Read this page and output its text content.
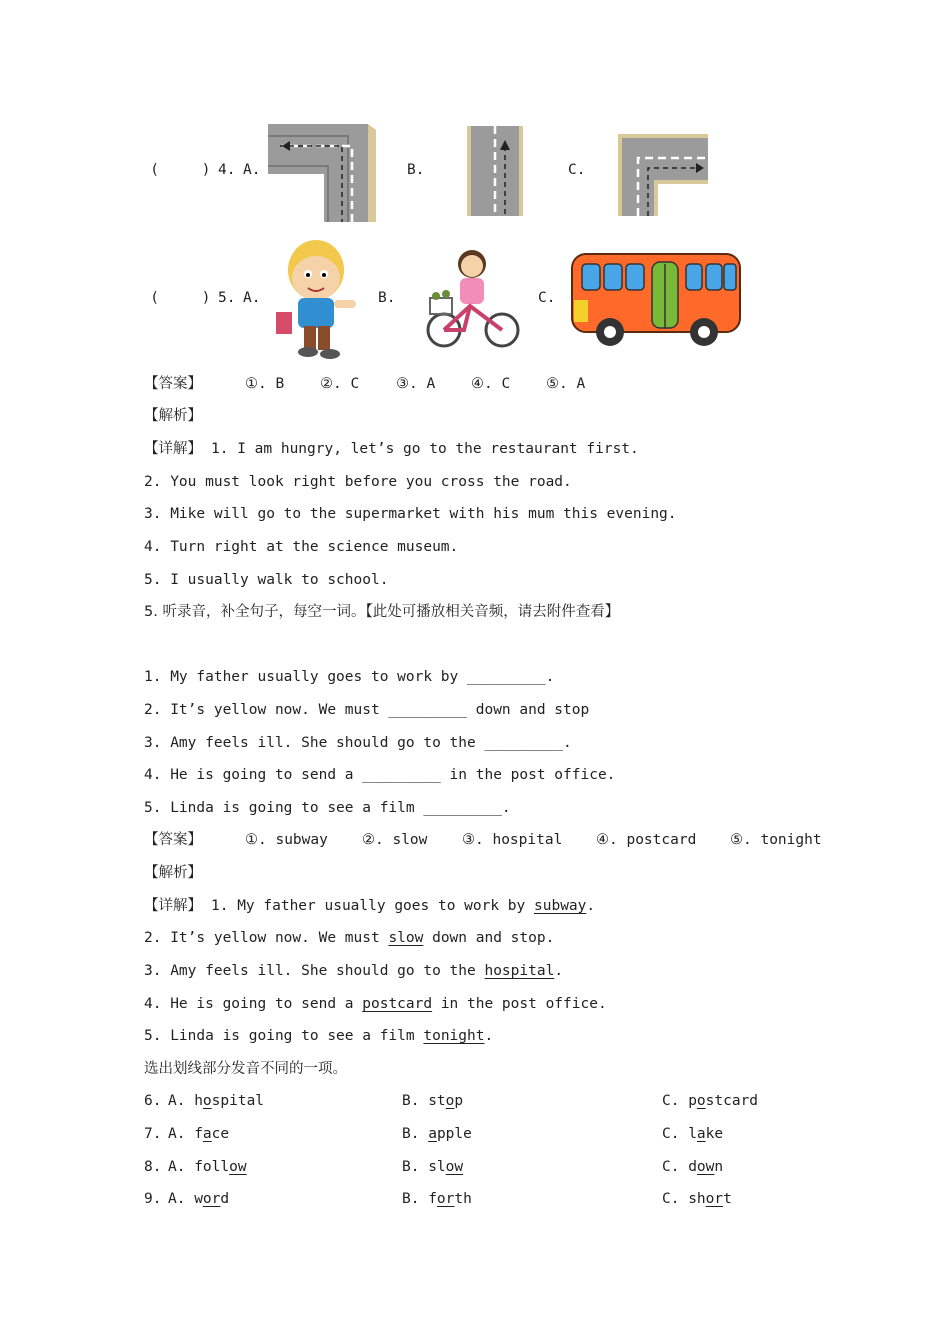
(	) 4. A.	B.	C.
(	) 5. A.	B.	C.
【答案】	①. B ②. C	③. A ④. C ⑤. A
【解析】
【详解】 1. I am hungry, let’s go to the restaurant first.
2. You must look right before you cross the road.
3. Mike will go to the supermarket with his mum this evening.
4. Turn right at the science museum.
5. I usually walk to school.
5. 听录音，补全句子，每空一词。【此处可播放相关音频，请去附件查看】
1. My father usually goes to work by _________.
2. It’s yellow now. We must _________ down and stop
3. Amy feels ill. She should go to the _________.
4. He is going to send a _________ in the post office.
5. Linda is going to see a film _________.
【答案】	①. subway ②. slow ③. hospital ④. postcard ⑤. tonight
【解析】
【详解】 1. My father usually goes to work by subway.
2. It’s yellow now. We must slow down and stop.
3. Amy feels ill. She should go to the hospital.
4. He is going to send a postcard in the post office.
5. Linda is going to see a film tonight.
选出划线部分发音不同的一项。
6. A. hospital	B. stop	C. postcard
7. A. face	B. apple	C. lake
8. A. follow	B. slow	C. down
9. A. word	B. forth	C. short
